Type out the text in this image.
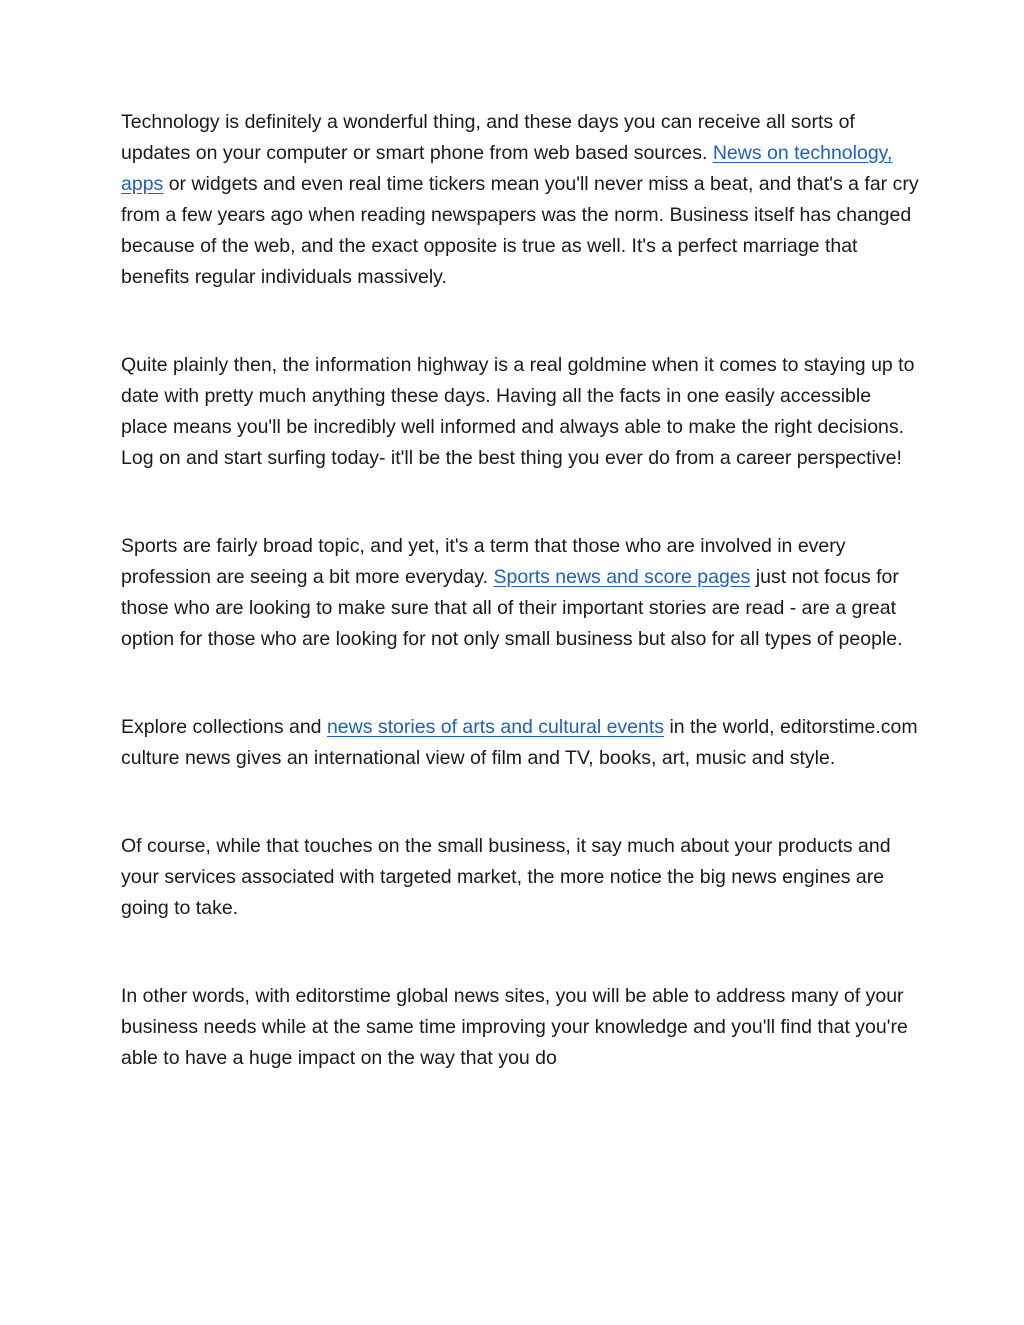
Technology is definitely a wonderful thing, and these days you can receive all sorts of updates on your computer or smart phone from web based sources. News on technology, apps or widgets and even real time tickers mean you'll never miss a beat, and that's a far cry from a few years ago when reading newspapers was the norm. Business itself has changed because of the web, and the exact opposite is true as well. It's a perfect marriage that benefits regular individuals massively.

Quite plainly then, the information highway is a real goldmine when it comes to staying up to date with pretty much anything these days. Having all the facts in one easily accessible place means you'll be incredibly well informed and always able to make the right decisions. Log on and start surfing today- it'll be the best thing you ever do from a career perspective!

Sports are fairly broad topic, and yet, it's a term that those who are involved in every profession are seeing a bit more everyday. Sports news and score pages just not focus for those who are looking to make sure that all of their important stories are read - are a great option for those who are looking for not only small business but also for all types of people.

Explore collections and news stories of arts and cultural events in the world, editorstime.com culture news gives an international view of film and TV, books, art, music and style.

Of course, while that touches on the small business, it say much about your products and your services associated with targeted market, the more notice the big news engines are going to take.

In other words, with editorstime global news sites, you will be able to address many of your business needs while at the same time improving your knowledge and you'll find that you're able to have a huge impact on the way that you do
